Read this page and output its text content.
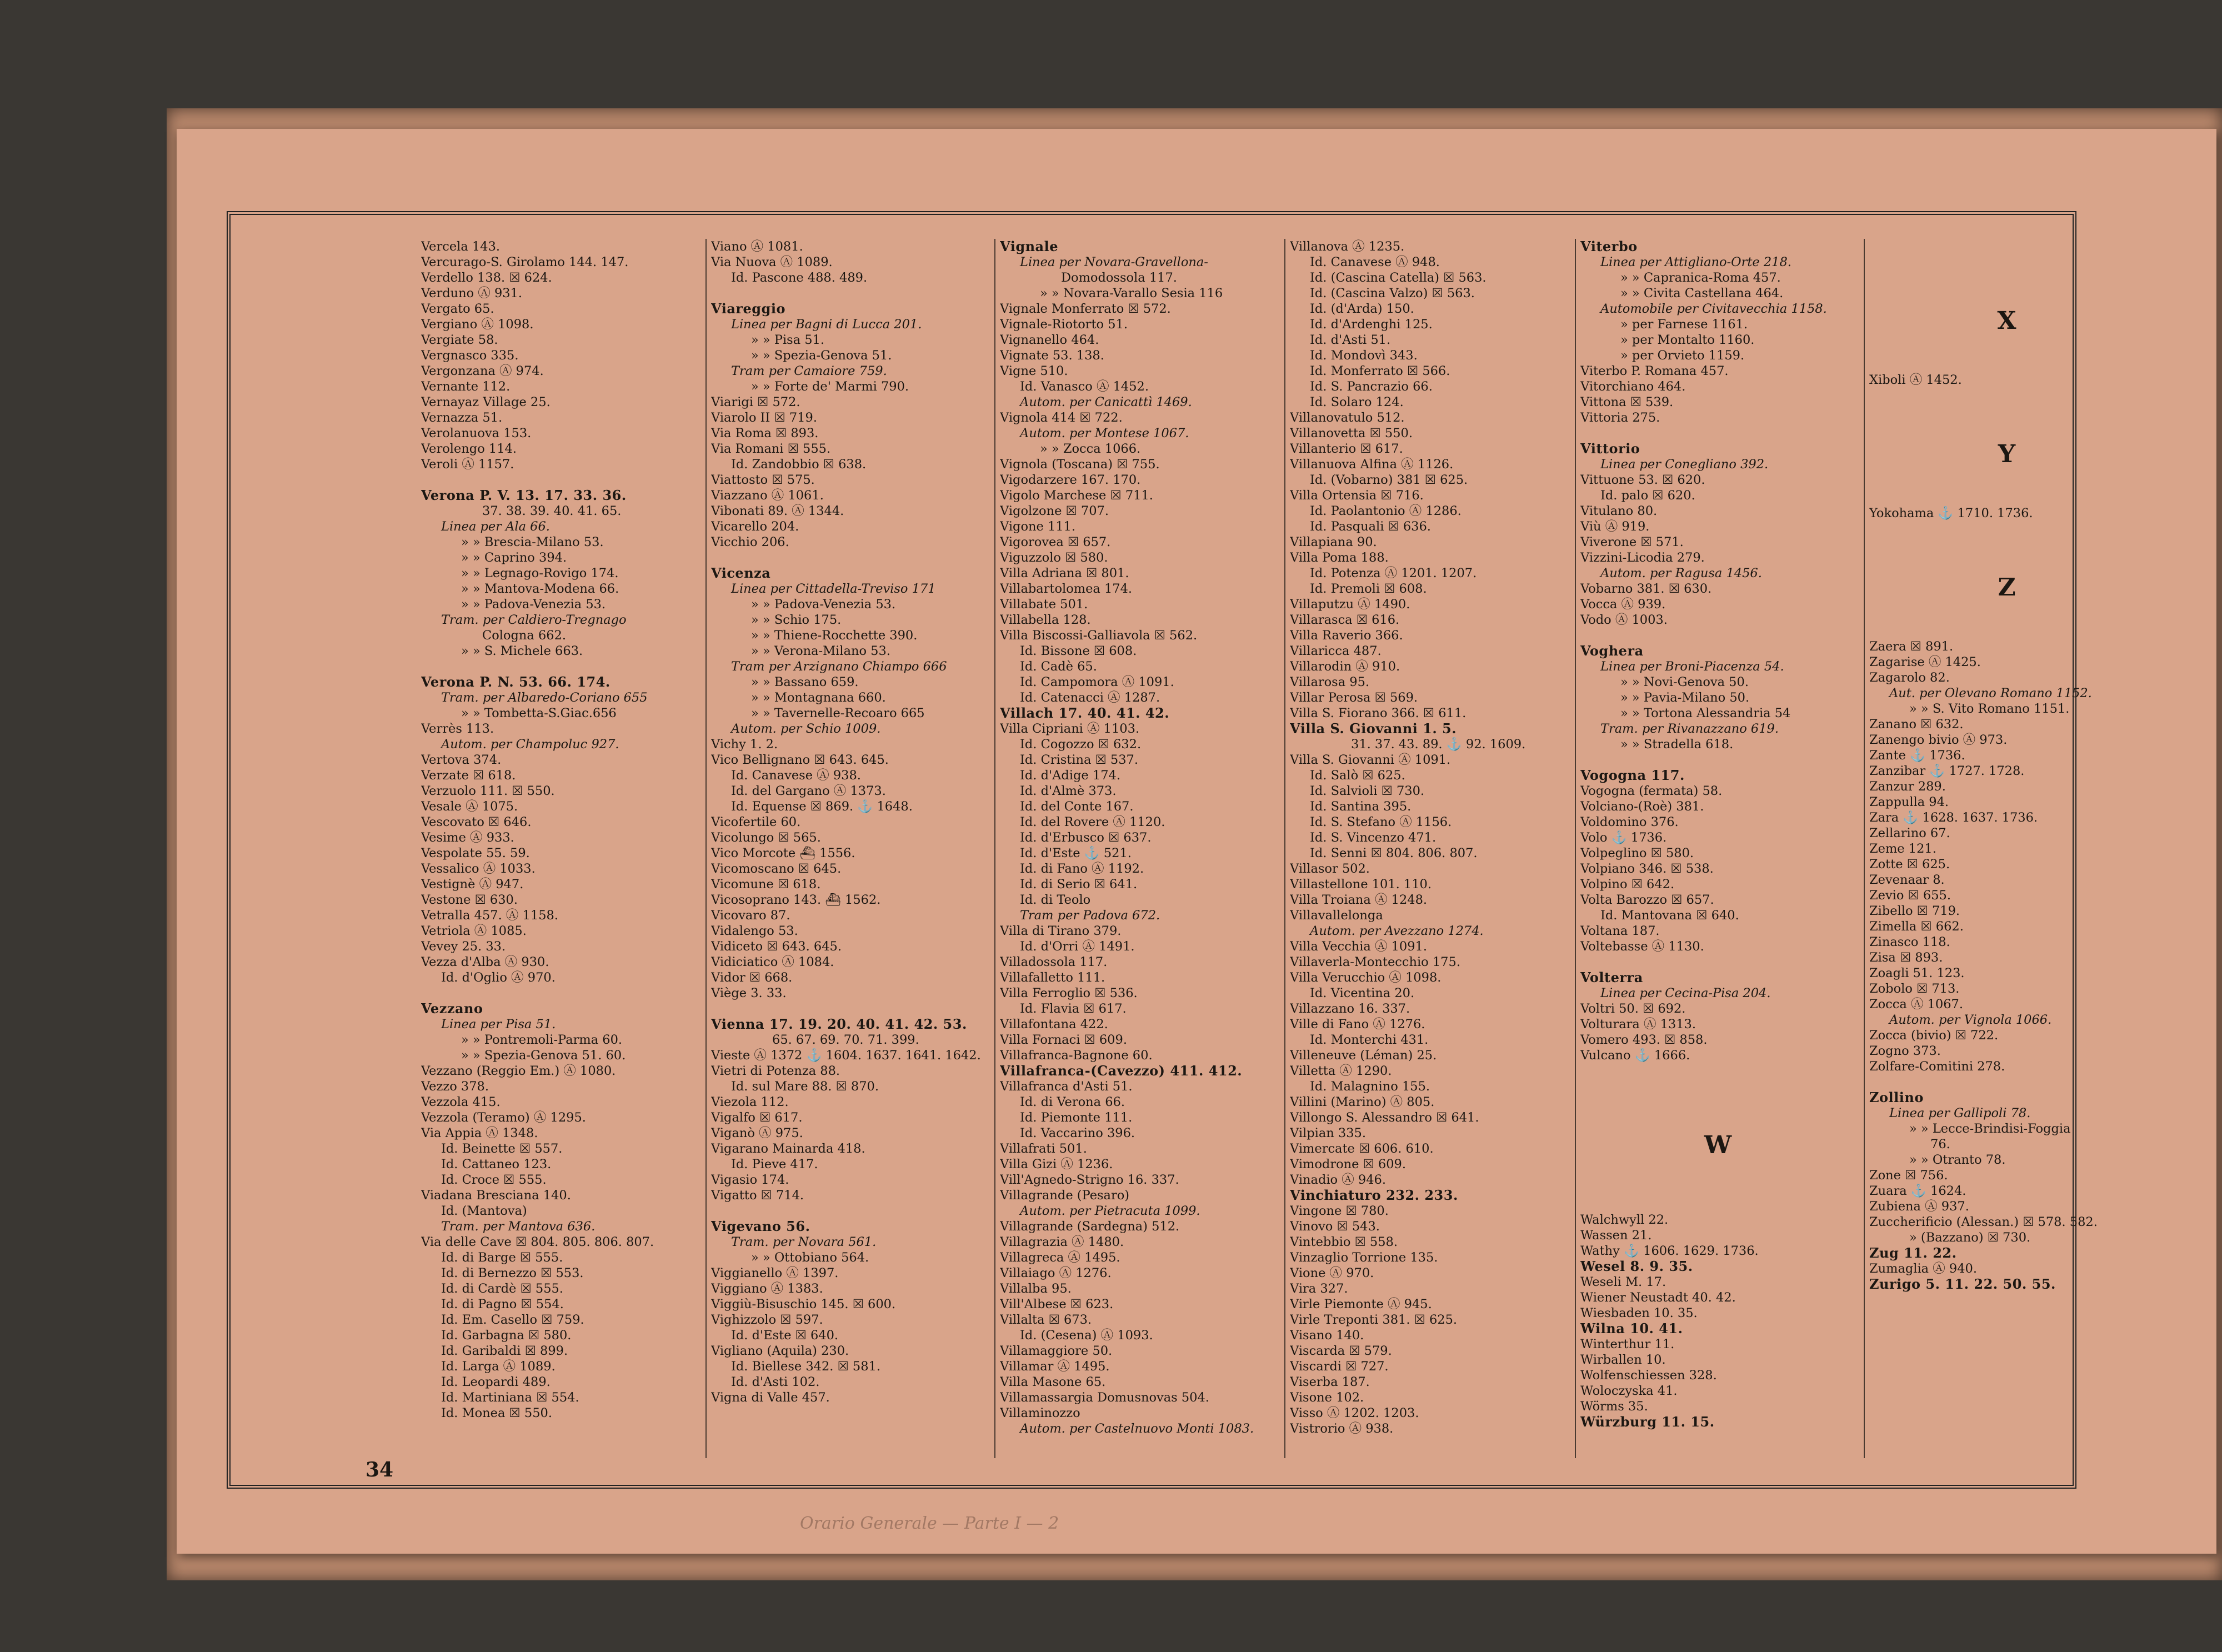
Vercela 143.
Vercurago-S. Girolamo 144. 147.
Verdello 138. ☒ 624.
Verduno Ⓐ 931.
Vergato 65.
Vergiano Ⓐ 1098.
Vergiate 58.
Vergnasco 335.
Vergonzana Ⓐ 974.
Vernante 112.
Vernayaz Village 25.
Vernazza 51.
Verolanuova 153.
Verolengo 114.
Veroli Ⓐ 1157.
Verona P. V. 13. 17. 33. 36.
37. 38. 39. 40. 41. 65.
Linea per Ala 66.
» » Brescia-Milano 53.
» » Caprino 394.
» » Legnago-Rovigo 174.
» » Mantova-Modena 66.
» » Padova-Venezia 53.
Tram. per Caldiero-Tregnago
Cologna 662.
» » S. Michele 663.
Verona P. N. 53. 66. 174.
Tram. per Albaredo-Coriano 655
» » Tombetta-S.Giac.656
Verrès 113.
Autom. per Champoluc 927.
Vertova 374.
Verzate ☒ 618.
Verzuolo 111. ☒ 550.
Vesale Ⓐ 1075.
Vescovato ☒ 646.
Vesime Ⓐ 933.
Vespolate 55. 59.
Vessalico Ⓐ 1033.
Vestignè Ⓐ 947.
Vestone ☒ 630.
Vetralla 457. Ⓐ 1158.
Vetriola Ⓐ 1085.
Vevey 25. 33.
Vezza d'Alba Ⓐ 930.
Id. d'Oglio Ⓐ 970.
Vezzano
Linea per Pisa 51.
» » Pontremoli-Parma 60.
» » Spezia-Genova 51. 60.
Vezzano (Reggio Em.) Ⓐ 1080.
Vezzo 378.
Vezzola 415.
Vezzola (Teramo) Ⓐ 1295.
Via Appia Ⓐ 1348.
Id. Beinette ☒ 557.
Id. Cattaneo 123.
Id. Croce ☒ 555.
Viadana Bresciana 140.
Id. (Mantova)
Tram. per Mantova 636.
Via delle Cave ☒ 804. 805. 806. 807.
Id. di Barge ☒ 555.
Id. di Bernezzo ☒ 553.
Id. di Cardè ☒ 555.
Id. di Pagno ☒ 554.
Id. Em. Casello ☒ 759.
Id. Garbagna ☒ 580.
Id. Garibaldi ☒ 899.
Id. Larga Ⓐ 1089.
Id. Leopardi 489.
Id. Martiniana ☒ 554.
Id. Monea ☒ 550.
Viano Ⓐ 1081.
Via Nuova Ⓐ 1089.
Id. Pascone 488. 489.
Viareggio
Linea per Bagni di Lucca 201.
» » Pisa 51.
» » Spezia-Genova 51.
Tram per Camaiore 759.
» » Forte de' Marmi 790.
Viarigi ☒ 572.
Viarolo II ☒ 719.
Via Roma ☒ 893.
Via Romani ☒ 555.
Id. Zandobbio ☒ 638.
Viattosto ☒ 575.
Viazzano Ⓐ 1061.
Vibonati 89. Ⓐ 1344.
Vicarello 204.
Vicchio 206.
Vicenza
Linea per Cittadella-Treviso 171
» » Padova-Venezia 53.
» » Schio 175.
» » Thiene-Rocchette 390.
» » Verona-Milano 53.
Tram per Arzignano Chiampo 666
» » Bassano 659.
» » Montagnana 660.
» » Tavernelle-Recoaro 665
Autom. per Schio 1009.
Vichy 1. 2.
Vico Bellignano ☒ 643. 645.
Id. Canavese Ⓐ 938.
Id. del Gargano Ⓐ 1373.
Id. Equense ☒ 869. ⚓ 1648.
Vicofertile 60.
Vicolungo ☒ 565.
Vico Morcote ⛴ 1556.
Vicomoscano ☒ 645.
Vicomune ☒ 618.
Vicosoprano 143. ⛴ 1562.
Vicovaro 87.
Vidalengo 53.
Vidiceto ☒ 643. 645.
Vidiciatico Ⓐ 1084.
Vidor ☒ 668.
Viège 3. 33.
Vienna 17. 19. 20. 40. 41. 42. 53.
65. 67. 69. 70. 71. 399.
Vieste Ⓐ 1372 ⚓ 1604. 1637. 1641. 1642.
Vietri di Potenza 88.
Id. sul Mare 88. ☒ 870.
Viezola 112.
Vigalfo ☒ 617.
Viganò Ⓐ 975.
Vigarano Mainarda 418.
Id. Pieve 417.
Vigasio 174.
Vigatto ☒ 714.
Vigevano 56.
Tram. per Novara 561.
» » Ottobiano 564.
Viggianello Ⓐ 1397.
Viggiano Ⓐ 1383.
Viggiù-Bisuschio 145. ☒ 600.
Vighizzolo ☒ 597.
Id. d'Este ☒ 640.
Vigliano (Aquila) 230.
Id. Biellese 342. ☒ 581.
Id. d'Asti 102.
Vigna di Valle 457.
Vignale
Linea per Novara-Gravellona-
Domodossola 117.
» » Novara-Varallo Sesia 116
Vignale Monferrato ☒ 572.
Vignale-Riotorto 51.
Vignanello 464.
Vignate 53. 138.
Vigne 510.
Id. Vanasco Ⓐ 1452.
Autom. per Canicattì 1469.
Vignola 414 ☒ 722.
Autom. per Montese 1067.
» » Zocca 1066.
Vignola (Toscana) ☒ 755.
Vigodarzere 167. 170.
Vigolo Marchese ☒ 711.
Vigolzone ☒ 707.
Vigone 111.
Vigorovea ☒ 657.
Viguzzolo ☒ 580.
Villa Adriana ☒ 801.
Villabartolomea 174.
Villabate 501.
Villabella 128.
Villa Biscossi-Galliavola ☒ 562.
Id. Bissone ☒ 608.
Id. Cadè 65.
Id. Campomora Ⓐ 1091.
Id. Catenacci Ⓐ 1287.
Villach 17. 40. 41. 42.
Villa Cipriani Ⓐ 1103.
Id. Cogozzo ☒ 632.
Id. Cristina ☒ 537.
Id. d'Adige 174.
Id. d'Almè 373.
Id. del Conte 167.
Id. del Rovere Ⓐ 1120.
Id. d'Erbusco ☒ 637.
Id. d'Este ⚓ 521.
Id. di Fano Ⓐ 1192.
Id. di Serio ☒ 641.
Id. di Teolo
Tram per Padova 672.
Villa di Tirano 379.
Id. d'Orri Ⓐ 1491.
Villadossola 117.
Villafalletto 111.
Villa Ferroglio ☒ 536.
Id. Flavia ☒ 617.
Villafontana 422.
Villa Fornaci ☒ 609.
Villafranca-Bagnone 60.
Villafranca-(Cavezzo) 411. 412.
Villafranca d'Asti 51.
Id. di Verona 66.
Id. Piemonte 111.
Id. Vaccarino 396.
Villafrati 501.
Villa Gizi Ⓐ 1236.
Vill'Agnedo-Strigno 16. 337.
Villagrande (Pesaro)
Autom. per Pietracuta 1099.
Villagrande (Sardegna) 512.
Villagrazia Ⓐ 1480.
Villagreca Ⓐ 1495.
Villaiago Ⓐ 1276.
Villalba 95.
Vill'Albese ☒ 623.
Villalta ☒ 673.
Id. (Cesena) Ⓐ 1093.
Villamaggiore 50.
Villamar Ⓐ 1495.
Villa Masone 65.
Villamassargia Domusnovas 504.
Villaminozzo
Autom. per Castelnuovo Monti 1083.
Villanova Ⓐ 1235.
Id. Canavese Ⓐ 948.
Id. (Cascina Catella) ☒ 563.
Id. (Cascina Valzo) ☒ 563.
Id. (d'Arda) 150.
Id. d'Ardenghi 125.
Id. d'Asti 51.
Id. Mondovì 343.
Id. Monferrato ☒ 566.
Id. S. Pancrazio 66.
Id. Solaro 124.
Villanovatulo 512.
Villanovetta ☒ 550.
Villanterio ☒ 617.
Villanuova Alfina Ⓐ 1126.
Id. (Vobarno) 381 ☒ 625.
Villa Ortensia ☒ 716.
Id. Paolantonio Ⓐ 1286.
Id. Pasquali ☒ 636.
Villapiana 90.
Villa Poma 188.
Id. Potenza Ⓐ 1201. 1207.
Id. Premoli ☒ 608.
Villaputzu Ⓐ 1490.
Villarasca ☒ 616.
Villa Raverio 366.
Villaricca 487.
Villarodin Ⓐ 910.
Villarosa 95.
Villar Perosa ☒ 569.
Villa S. Fiorano 366. ☒ 611.
Villa S. Giovanni 1. 5.
31. 37. 43. 89. ⚓ 92. 1609.
Villa S. Giovanni Ⓐ 1091.
Id. Salò ☒ 625.
Id. Salvioli ☒ 730.
Id. Santina 395.
Id. S. Stefano Ⓐ 1156.
Id. S. Vincenzo 471.
Id. Senni ☒ 804. 806. 807.
Villasor 502.
Villastellone 101. 110.
Villa Troiana Ⓐ 1248.
Villavallelonga
Autom. per Avezzano 1274.
Villa Vecchia Ⓐ 1091.
Villaverla-Montecchio 175.
Villa Verucchio Ⓐ 1098.
Id. Vicentina 20.
Villazzano 16. 337.
Ville di Fano Ⓐ 1276.
Id. Monterchi 431.
Villeneuve (Léman) 25.
Villetta Ⓐ 1290.
Id. Malagnino 155.
Villini (Marino) Ⓐ 805.
Villongo S. Alessandro ☒ 641.
Vilpian 335.
Vimercate ☒ 606. 610.
Vimodrone ☒ 609.
Vinadio Ⓐ 946.
Vinchiaturo 232. 233.
Vingone ☒ 780.
Vinovo ☒ 543.
Vintebbio ☒ 558.
Vinzaglio Torrione 135.
Vione Ⓐ 970.
Vira 327.
Virle Piemonte Ⓐ 945.
Virle Treponti 381. ☒ 625.
Visano 140.
Viscarda ☒ 579.
Viscardi ☒ 727.
Viserba 187.
Visone 102.
Visso Ⓐ 1202. 1203.
Vistrorio Ⓐ 938.
Viterbo
Linea per Attigliano-Orte 218.
» » Capranica-Roma 457.
» » Civita Castellana 464.
Automobile per Civitavecchia 1158.
» per Farnese 1161.
» per Montalto 1160.
» per Orvieto 1159.
Viterbo P. Romana 457.
Vitorchiano 464.
Vittona ☒ 539.
Vittoria 275.
Vittorio
Linea per Conegliano 392.
Vittuone 53. ☒ 620.
Id. palo ☒ 620.
Vitulano 80.
Viù Ⓐ 919.
Viverone ☒ 571.
Vizzini-Licodia 279.
Autom. per Ragusa 1456.
Vobarno 381. ☒ 630.
Vocca Ⓐ 939.
Vodo Ⓐ 1003.
Voghera
Linea per Broni-Piacenza 54.
» » Novi-Genova 50.
» » Pavia-Milano 50.
» » Tortona Alessandria 54
Tram. per Rivanazzano 619.
» » Stradella 618.
Vogogna 117.
Vogogna (fermata) 58.
Volciano-(Roè) 381.
Voldomino 376.
Volo ⚓ 1736.
Volpeglino ☒ 580.
Volpiano 346. ☒ 538.
Volpino ☒ 642.
Volta Barozzo ☒ 657.
Id. Mantovana ☒ 640.
Voltana 187.
Voltebasse Ⓐ 1130.
Volterra
Linea per Cecina-Pisa 204.
Voltri 50. ☒ 692.
Volturara Ⓐ 1313.
Vomero 493. ☒ 858.
Vulcano ⚓ 1666.
W
Walchwyll 22.
Wassen 21.
Wathy ⚓ 1606. 1629. 1736.
Wesel 8. 9. 35.
Weseli M. 17.
Wiener Neustadt 40. 42.
Wiesbaden 10. 35.
Wilna 10. 41.
Winterthur 11.
Wirballen 10.
Wolfenschiessen 328.
Woloczyska 41.
Wörms 35.
Würzburg 11. 15.
X
Xiboli Ⓐ 1452.
Y
Yokohama ⚓ 1710. 1736.
Z
Zaera ☒ 891.
Zagarise Ⓐ 1425.
Zagarolo 82.
Aut. per Olevano Romano 1152.
» » S. Vito Romano 1151.
Zanano ☒ 632.
Zanengo bivio Ⓐ 973.
Zante ⚓ 1736.
Zanzibar ⚓ 1727. 1728.
Zanzur 289.
Zappulla 94.
Zara ⚓ 1628. 1637. 1736.
Zellarino 67.
Zeme 121.
Zotte ☒ 625.
Zevenaar 8.
Zevio ☒ 655.
Zibello ☒ 719.
Zimella ☒ 662.
Zinasco 118.
Zisa ☒ 893.
Zoagli 51. 123.
Zobolo ☒ 713.
Zocca Ⓐ 1067.
Autom. per Vignola 1066.
Zocca (bivio) ☒ 722.
Zogno 373.
Zolfare-Comitini 278.
Zollino
Linea per Gallipoli 78.
» » Lecce-Brindisi-Foggia
76.
» » Otranto 78.
Zone ☒ 756.
Zuara ⚓ 1624.
Zubiena Ⓐ 937.
Zuccherificio (Alessan.) ☒ 578. 582.
» (Bazzano) ☒ 730.
Zug 11. 22.
Zumaglia Ⓐ 940.
Zurigo 5. 11. 22. 50. 55.
34
Orario Generale — Parte I — 2
